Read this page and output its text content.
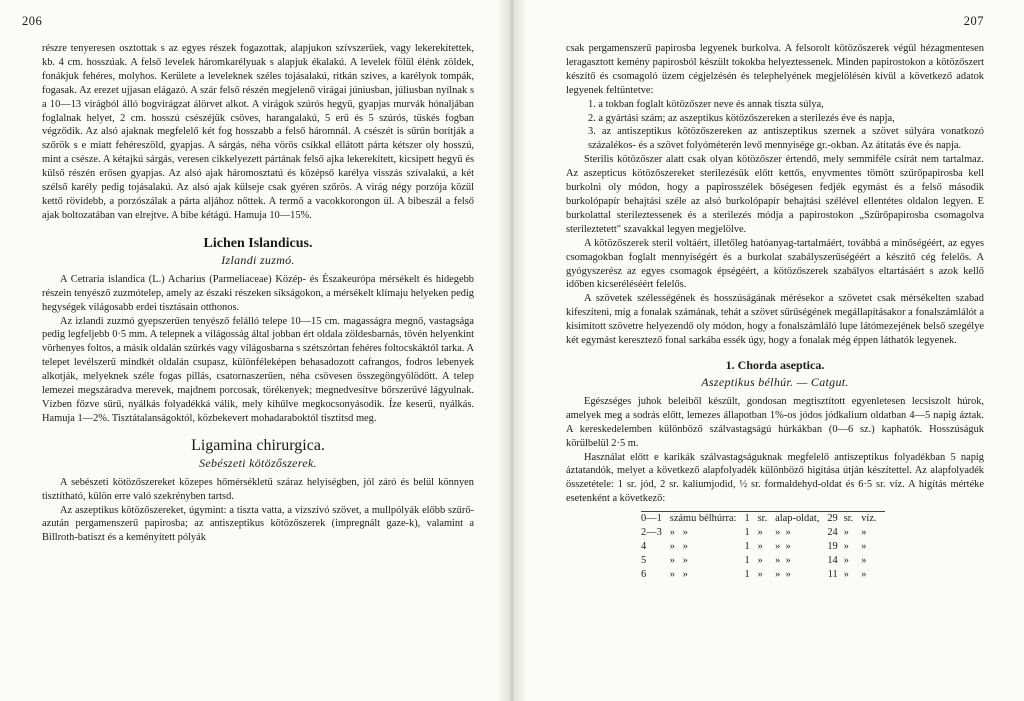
206

részre tenyeresen osztottak s az egyes részek fogazottak, alapjukon szívszerűek, vagy lekerekítettek, kb. 4 cm. hosszúak. A felső levelek háromkarélyuak s alapjuk ékalakú. A levelek fölül élénk zöldek, fonákjuk fehéres, molyhos. Kerülete a leveleknek széles tojásalakú, ritkán szives, a karélyok tompák, fogasak. Az erezet ujjasan elágazó. A szár felső részén megjelenő virágai júniusban, júliusban nyílnak s a 10—13 virágból álló bogvirágzat álörvet alkot. A virágok szúrós hegyű, gyapjas murvák hónaljában foglalnak helyet, 2 cm. hosszú csészéjük csöves, harangalakú, 5 erű és 5 szúrós, tüskés fogban végződik. Az alsó ajaknak megfelelő két fog hosszabb a felső háromnál. A csészét is sűrűn borítják a szőrök s e miatt fehéreszöld, gyapjas. A sárgás, néha vörös csíkkal ellátott párta kétszer oly hosszú, mint a csésze. A kétajkú sárgás, veresen cikkelyezett pártának felső ajka lekerekített, kicsipett hegyű és külső részén erősen gyapjas. Az alsó ajak háromosztatú és középső karélya visszás szívalakú, a két szélső karély pedig tojásalakú. Az alsó ajak külseje csak gyéren szőrös. A virág négy porzója közül kettő rövidebb, a porzószálak a párta aljához nőttek. A termő a vacokkorongon ül. A bibeszál a felső ajak boltozatában van elrejtve. A bibe kétágú. Hamuja 10—15%.

Lichen Islandicus.
Izlandi zuzmó.

A Cetraria islandica (L.) Acharius (Parmeliaceae) Közép- és Északeurópa mérsékelt és hidegebb részein tenyésző zuzmótelep, amely az északi részeken síkságokon, a mérsékelt klímaju helyeken pedig hegységek világosabb erdei tisztásain otthonos.

Az izlandi zuzmó gyepszerűen tenyésző felálló telepe 10—15 cm. magasságra megnő, vastagsága pedig legfeljebb 0·5 mm. A telepnek a világosság által jobban ért oldala zöldesbarnás, tövén helyenkint vörhenyes foltos, a másik oldalán szürkés vagy világosbarna s szétszórtan fehéres foltocskáktól tarka. A telepet levélszerű mindkét oldalán csupasz, különféleképen behasadozott cafrangos, fodros lebenyek alkotják, melyeknek széle fogas pillás, csatornaszerűen, néha csövesen összegöngyölödött. A telep lemezei megszáradva merevek, majdnem porcosak, törékenyek; megnedvesítve bőrszerűvé lágyulnak. Vízben főzve sűrű, nyálkás folyadékká válik, mely kihűlve megkocsonyásodik. Íze keserű, nyálkás. Hamuja 1—2%. Tisztátalanságoktól, közbekevert mohadaraboktól tisztitsd meg.

Ligamina chirurgica.
Sebészeti kötözőszerek.

A sebészeti kötözőszereket közepes hőmérsékletű száraz helyiségben, jól záró és belül könnyen tisztítható, külön erre való szekrényben tartsd.

Az aszeptikus kötözőszereket, úgymint: a tiszta vatta, a vízszívó szövet, a mullpólyák előbb szűrő- azután pergamenszerű papirosba; az antiszeptikus kötözőszerek (impregnált gaze-k), valamint a Billroth-batiszt és a keményített pólyák

207

csak pergamenszerű papirosba legyenek burkolva. A felsorolt kötözőszerek végül hézagmentesen leragasztott kemény papirosból készült tokokba helyeztessenek. Minden papirostokon a kötözőszert készítő és csomagoló üzem cégjelzésén és telephelyének megjelölésén kívül a következő adatok legyenek feltüntetve:

1. a tokban foglalt kötözőszer neve és annak tiszta súlya,
2. a gyártási szám; az aszeptikus kötözőszereken a sterilezés éve és napja,
3. az antiszeptikus kötözőszereken az antiszeptikus szernek a szövet súlyára vonatkozó százalékos- és a szövet folyóméterén levő mennyisége gr.-okban. Az átitatás éve és napja.

Sterilis kötözőszer alatt csak olyan kötözőszer értendő, mely semmiféle csírát nem tartalmaz. Az aszepticus kötözőszereket sterilezésük előtt kettős, enyvmentes tömött szűrőpapirosba kell burkolni oly módon, hogy a papirosszélek bőségesen fedjék egymást és a felső második burkolópapír behajtási széle az alsó burkolópapír behajtási szélével ellentétes oldalon legyen. E burkolattal sterileztessenek és a sterilezés módja a papirostokon „Szűrőpapirosba csomagolva sterileztetett" szavakkal legyen megjelölve.

A kötözőszerek steril voltáért, illetőleg hatóanyag-tartalmáért, továbbá a minőségéért, az egyes csomagokban foglalt mennyiségért és a burkolat szabályszerűségéért a készítő cég felelős. A gyógyszerész az egyes csomagok épségéért, a kötözőszerek szabályos eltartásáért s azok kellő időben kicseréléséért felelős.

A szövetek szélességének és hosszúságának mérésekor a szövetet csak mérsékelten szabad kifeszíteni, míg a fonalak számának, tehát a szövet sűrűségének megállapításakor a fonalszámlálót a kisimított szövetre helyezendő oly módon, hogy a fonalszámláló lupe látómezejének belső szegélye két egymást keresztező fonal sarkába essék úgy, hogy a fonalak még éppen láthatók legyenek.

1. Chorda aseptica.
Aszeptikus bélhúr. — Catgut.

Egészséges juhok beleiből készült, gondosan megtisztított egyenletesen lecsiszolt húrok, amelyek meg a sodrás előtt, lemezes állapotban 1%-os jódos jódkalium oldatban 4—5 napig áztak. A kereskedelemben különböző szálvastagságú húrkákban (0—6 sz.) kaphatók. Hosszúságuk körülbelül 2·5 m.

Használat előtt e karikák szálvastagságuknak megfelelő antiszeptikus folyadékban 5 napig áztatandók, melyet a következő alapfolyadék különböző higítása útján készítettel. Az alapfolyadék összetétele: 1 sr. jód, 2 sr. kaliumjodid, ½ sr. formaldehyd-oldat és 6·5 sr. víz. A higítás mértéke esetenként a következő:

0—1	számu bélhúrra:	1	sr.	alap-oldat,	29	sr.	víz.
2—3	» »	1	»	» »	24	»	»
4	» »	1	»	» »	19	»	»
5	» »	1	»	» »	14	»	»
6	» »	1	»	» »	11	»	»
